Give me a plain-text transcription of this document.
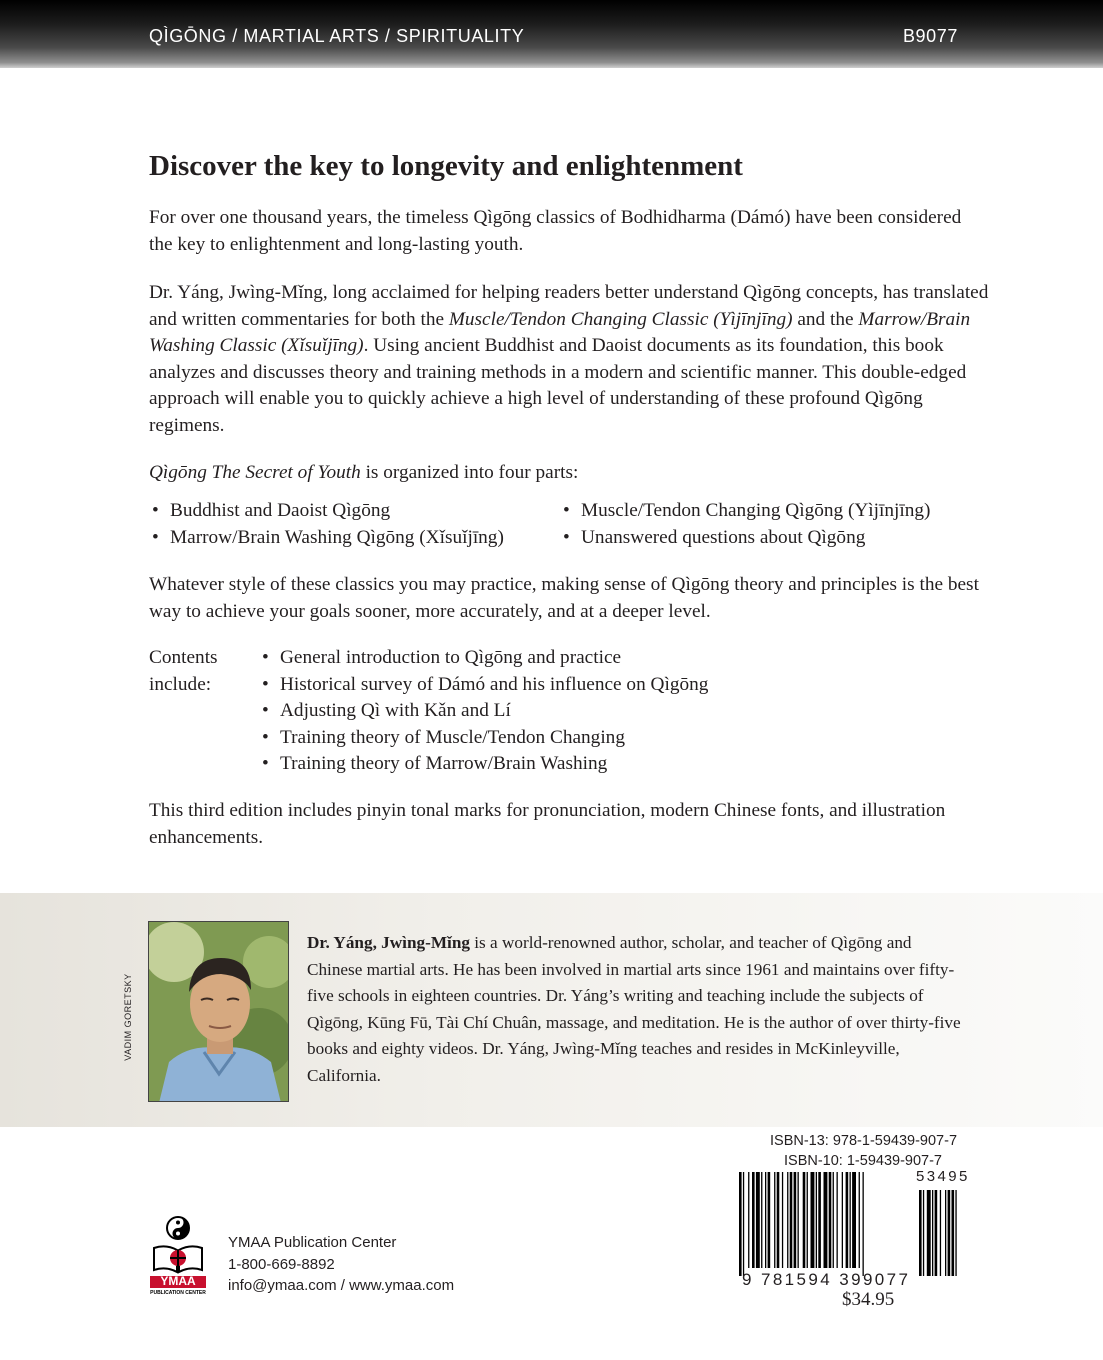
QÌGŌNG / MARTIAL ARTS / SPIRITUALITY	B9077
Discover the key to longevity and enlightenment

For over one thousand years, the timeless Qìgōng classics of Bodhidharma (Dámó) have been considered the key to enlightenment and long-lasting youth.

Dr. Yáng, Jwìng-Mǐng, long acclaimed for helping readers better understand Qìgōng concepts, has translated and written commentaries for both the Muscle/Tendon Changing Classic (Yìjīnjīng) and the Marrow/Brain Washing Classic (Xǐsuǐjīng). Using ancient Buddhist and Daoist documents as its foundation, this book analyzes and discusses theory and training methods in a modern and scientific manner. This double-edged approach will enable you to quickly achieve a high level of understanding of these profound Qìgōng regimens.

Qìgōng The Secret of Youth is organized into four parts:

• Buddhist and Daoist Qìgōng
• Marrow/Brain Washing Qìgōng (Xǐsuǐjīng)
• Muscle/Tendon Changing Qìgōng (Yìjīnjīng)
• Unanswered questions about Qìgōng

Whatever style of these classics you may practice, making sense of Qìgōng theory and principles is the best way to achieve your goals sooner, more accurately, and at a deeper level.

Contents
include:
• General introduction to Qìgōng and practice
• Historical survey of Dámó and his influence on Qìgōng
• Adjusting Qì with Kǎn and Lí
• Training theory of Muscle/Tendon Changing
• Training theory of Marrow/Brain Washing

This third edition includes pinyin tonal marks for pronunciation, modern Chinese fonts, and illustration enhancements.

VADIM GORETSKY

Dr. Yáng, Jwìng-Mǐng is a world-renowned author, scholar, and teacher of Qìgōng and Chinese martial arts. He has been involved in martial arts since 1961 and maintains over fifty-five schools in eighteen countries. Dr. Yáng’s writing and teaching include the subjects of Qìgōng, Kūng Fū, Tài Chí Chuân, massage, and meditation. He is the author of over thirty-five books and eighty videos. Dr. Yáng, Jwìng-Mǐng teaches and resides in McKinleyville, California.

YMAA
PUBLICATION CENTER
YMAA Publication Center
1-800-669-8892
info@ymaa.com / www.ymaa.com
ISBN-13: 978-1-59439-907-7
ISBN-10: 1-59439-907-7
53495
9 781594 399077
$34.95
